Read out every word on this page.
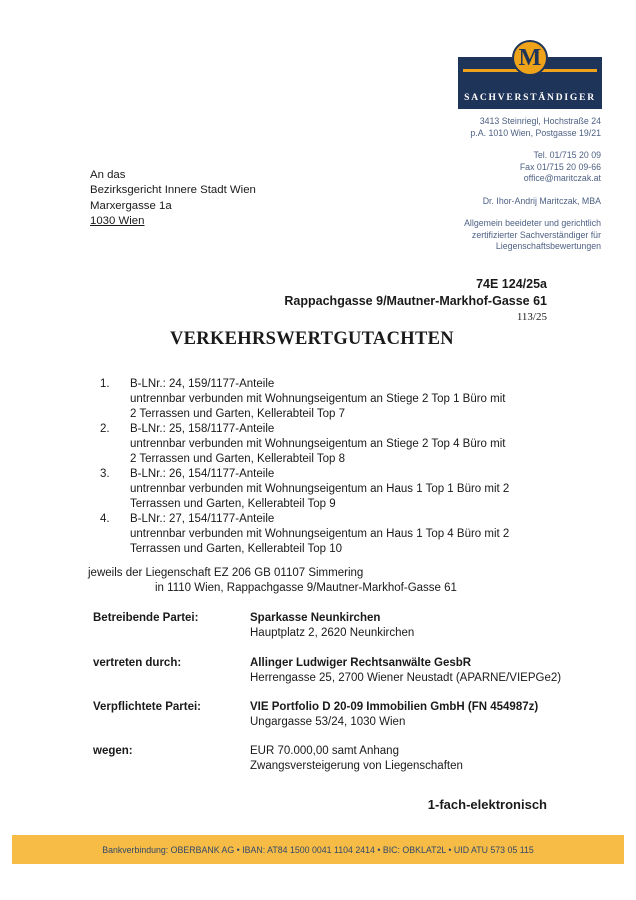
M
SACHVERSTÄNDIGER
3413 Steinriegl, Hochstraße 24
p.A. 1010 Wien, Postgasse 19/21
Tel. 01/715 20 09
Fax 01/715 20 09-66
office@maritczak.at
Dr. Ihor-Andrij Maritczak, MBA
Allgemein beeideter und gerichtlich
zertifizierter Sachverständiger für
Liegenschaftsbewertungen
An das
Bezirksgericht Innere Stadt Wien
Marxergasse 1a
1030 Wien
74E 124/25a
Rappachgasse 9/Mautner-Markhof-Gasse 61
113/25
VERKEHRSWERTGUTACHTEN
1.	B-LNr.: 24, 159/1177-Anteile
untrennbar verbunden mit Wohnungseigentum an Stiege 2 Top 1 Büro mit
2 Terrassen und Garten, Kellerabteil Top 7
2.	B-LNr.: 25, 158/1177-Anteile
untrennbar verbunden mit Wohnungseigentum an Stiege 2 Top 4 Büro mit
2 Terrassen und Garten, Kellerabteil Top 8
3.	B-LNr.: 26, 154/1177-Anteile
untrennbar verbunden mit Wohnungseigentum an Haus 1 Top 1 Büro mit 2
Terrassen und Garten, Kellerabteil Top 9
4.	B-LNr.: 27, 154/1177-Anteile
untrennbar verbunden mit Wohnungseigentum an Haus 1 Top 4 Büro mit 2
Terrassen und Garten, Kellerabteil Top 10
jeweils der Liegenschaft EZ 206 GB 01107 Simmering
in 1110 Wien, Rappachgasse 9/Mautner-Markhof-Gasse 61
Betreibende Partei:	Sparkasse Neunkirchen
Hauptplatz 2, 2620 Neunkirchen
vertreten durch:	Allinger Ludwiger Rechtsanwälte GesbR
Herrengasse 25, 2700 Wiener Neustadt (APARNE/VIEPGe2)
Verpflichtete Partei:	VIE Portfolio D 20-09 Immobilien GmbH (FN 454987z)
Ungargasse 53/24, 1030 Wien
wegen:	EUR 70.000,00 samt Anhang
Zwangsversteigerung von Liegenschaften
1-fach-elektronisch
Bankverbindung: OBERBANK AG • IBAN: AT84 1500 0041 1104 2414 • BIC: OBKLAT2L • UID ATU 573 05 115
